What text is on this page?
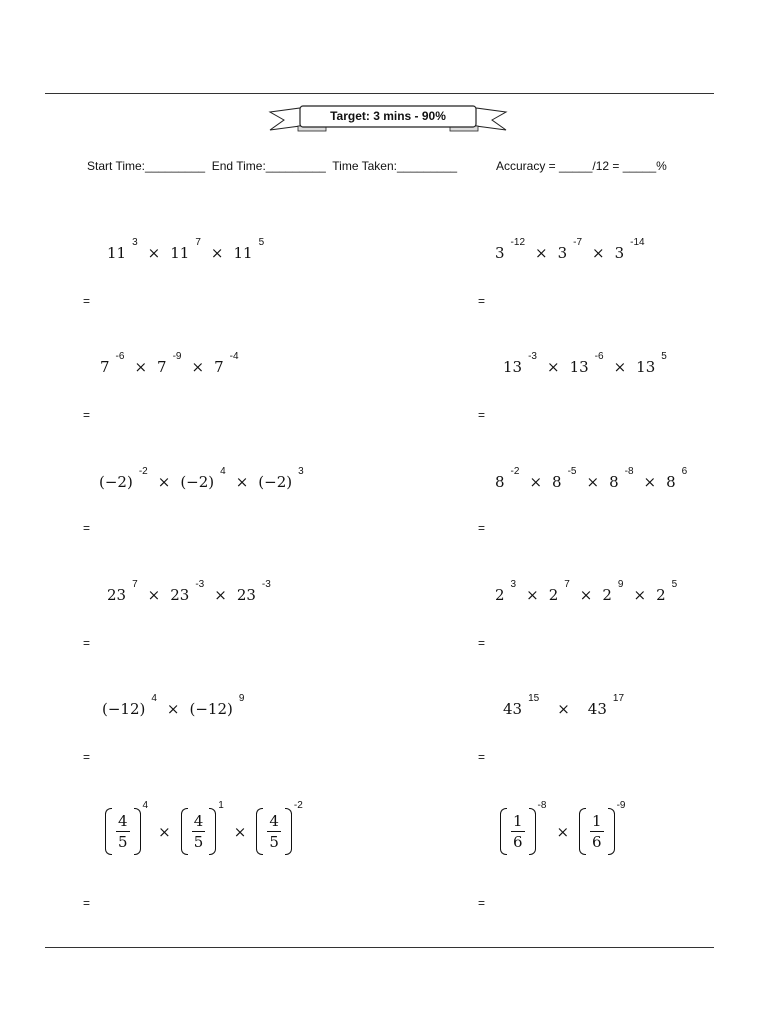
Target: 3 mins - 90%
Start Time:_________ End Time:_________ Time Taken:_________	Accuracy = _____/12 = _____%
11
3
× 11
7
× 11
5
=
3
-12
× 3
-7
× 3
-14
=
7
-6
× 7
-9
× 7
-4
=
13
-3
× 13
-6
× 13
5
=
(−2)
-2
× (−2)
4
× (−2)
3
=
8
-2
× 8
-5
× 8
-8
× 8
6
=
23
7
× 23
-3
× 23
-3
=
2
3
× 2
7
× 2
9
× 2
5
=
(−12)
4
× (−12)
9
=
43
15
× 43
17
=
$\frac{4}{5}$
4
× $\frac{4}{5}$
1
× $\frac{4}{5}$
-2
=
$\frac{1}{6}$
-8
× $\frac{1}{6}$
-9
=
